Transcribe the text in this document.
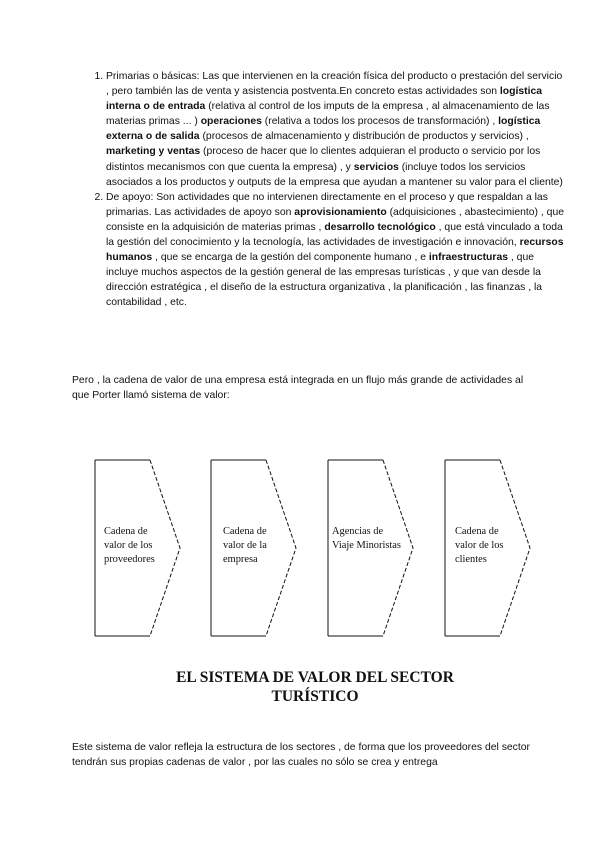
1. Primarias o básicas: Las que intervienen en la creación física del producto o prestación del servicio , pero también las de venta y asistencia postventa.En concreto estas actividades son logística interna o de entrada (relativa al control de los imputs de la empresa , al almacenamiento de las materias primas ... ) operaciones (relativa a todos los procesos de transformación) , logística externa o de salida (procesos de almacenamiento y distribución de productos y servicios) , marketing y ventas (proceso de hacer que lo clientes adquieran el producto o servicio por los distintos mecanismos con que cuenta la empresa) , y servicios (incluye todos los servicios asociados a los productos y outputs de la empresa que ayudan a mantener su valor para el cliente)
2. De apoyo: Son actividades que no intervienen directamente en el proceso y que respaldan a las primarias. Las actividades de apoyo son aprovisionamiento (adquisiciones , abastecimiento) , que consiste en la adquisición de materias primas , desarrollo tecnológico , que está vinculado a toda la gestión del conocimiento y la tecnología, las actividades de investigación e innovación, recursos humanos , que se encarga de la gestión del componente humano , e infraestructuras , que incluye muchos aspectos de la gestión general de las empresas turísticas , y que van desde la dirección estratégica , el diseño de la estructura organizativa , la planificación , las finanzas , la contabilidad , etc.

Pero , la cadena de valor de una empresa está integrada en un flujo más grande de actividades al que Porter llamó sistema de valor:

Cadena de
valor de los
proveedores
Cadena de
valor de la
empresa
Agencias de
Viaje Minoristas
Cadena de
valor de los
clientes
EL SISTEMA DE VALOR DEL SECTOR
TURÍSTICO

Este sistema de valor refleja la estructura de los sectores , de forma que los proveedores del sector tendrán sus propias cadenas de valor , por las cuales no sólo se crea y entrega
